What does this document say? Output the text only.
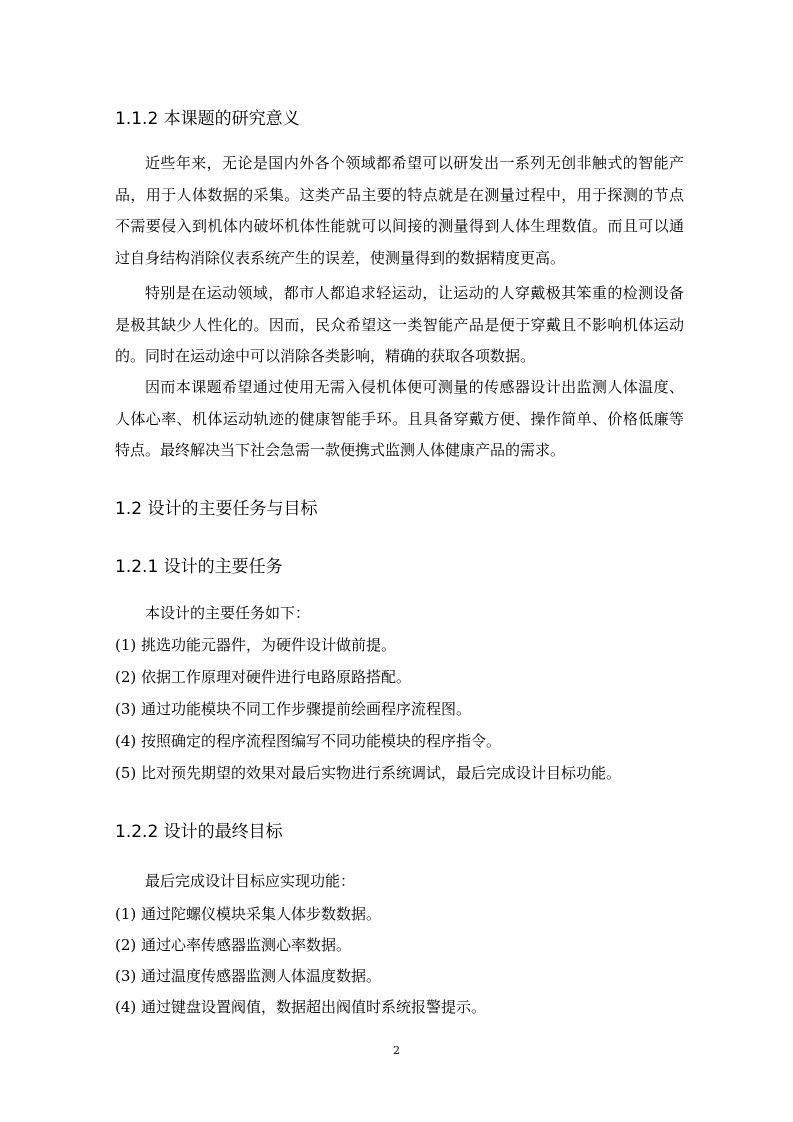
1.1.2 本课题的研究意义

近些年来，无论是国内外各个领域都希望可以研发出一系列无创非触式的智能产品，用于人体数据的采集。这类产品主要的特点就是在测量过程中，用于探测的节点不需要侵入到机体内破坏机体性能就可以间接的测量得到人体生理数值。而且可以通过自身结构消除仪表系统产生的误差，使测量得到的数据精度更高。

特别是在运动领域，都市人都追求轻运动，让运动的人穿戴极其笨重的检测设备是极其缺少人性化的。因而，民众希望这一类智能产品是便于穿戴且不影响机体运动的。同时在运动途中可以消除各类影响，精确的获取各项数据。

因而本课题希望通过使用无需入侵机体便可测量的传感器设计出监测人体温度、人体心率、机体运动轨迹的健康智能手环。且具备穿戴方便、操作简单、价格低廉等特点。最终解决当下社会急需一款便携式监测人体健康产品的需求。

1.2 设计的主要任务与目标
1.2.1 设计的主要任务
本设计的主要任务如下：
(1) 挑选功能元器件，为硬件设计做前提。
(2) 依据工作原理对硬件进行电路原路搭配。
(3) 通过功能模块不同工作步骤提前绘画程序流程图。
(4) 按照确定的程序流程图编写不同功能模块的程序指令。
(5) 比对预先期望的效果对最后实物进行系统调试，最后完成设计目标功能。
1.2.2 设计的最终目标
最后完成设计目标应实现功能：
(1) 通过陀螺仪模块采集人体步数数据。
(2) 通过心率传感器监测心率数据。
(3) 通过温度传感器监测人体温度数据。
(4) 通过键盘设置阀值，数据超出阀值时系统报警提示。
2
